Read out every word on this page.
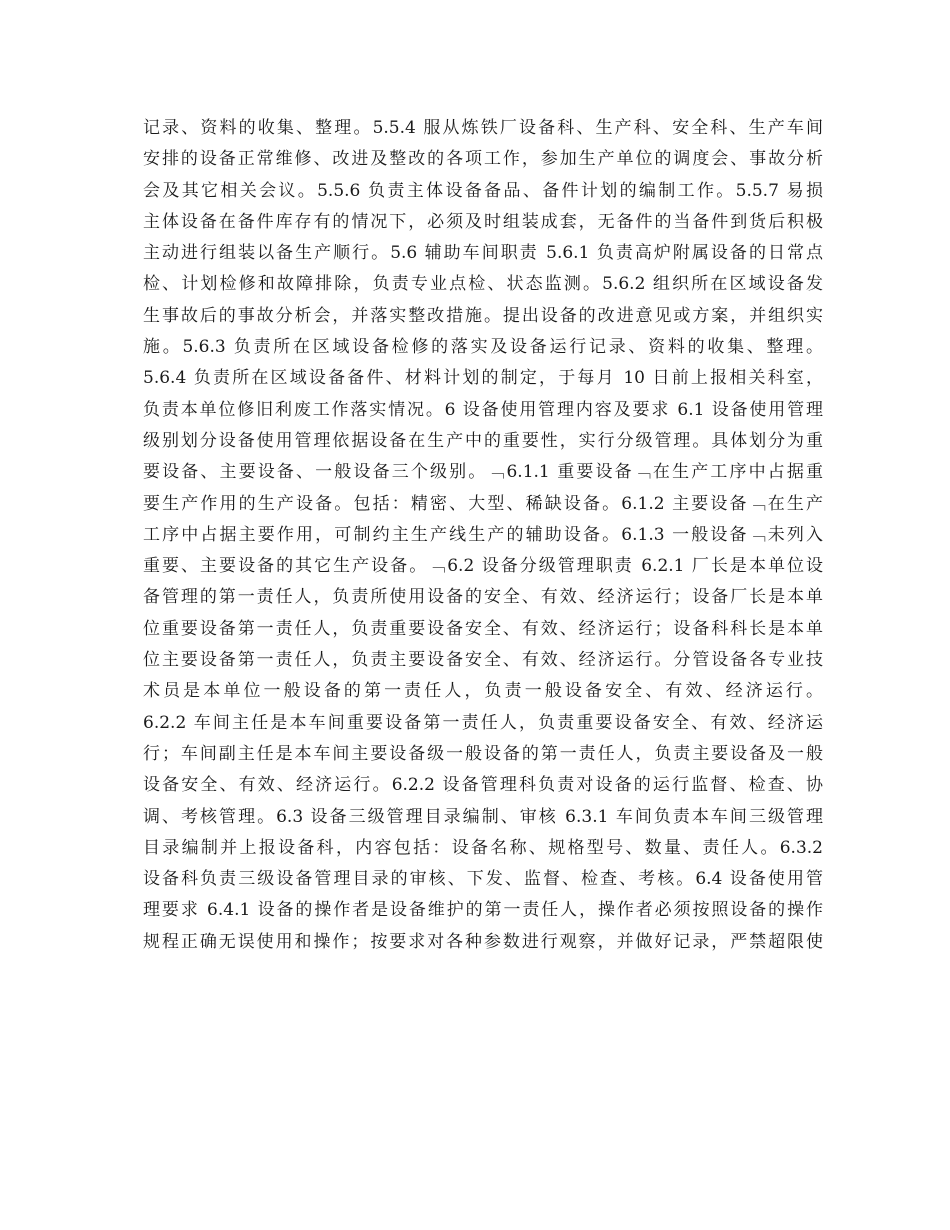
记录、资料的收集、整理。5.5.4 服从炼铁厂设备科、生产科、安全科、生产车间
安排的设备正常维修、改进及整改的各项工作，参加生产单位的调度会、事故分析
会及其它相关会议。5.5.6 负责主体设备备品、备件计划的编制工作。5.5.7 易损
主体设备在备件库存有的情况下，必须及时组装成套，无备件的当备件到货后积极
主动进行组装以备生产顺行。5.6 辅助车间职责 5.6.1 负责高炉附属设备的日常点
检、计划检修和故障排除，负责专业点检、状态监测。5.6.2 组织所在区域设备发
生事故后的事故分析会，并落实整改措施。提出设备的改进意见或方案，并组织实
施。5.6.3 负责所在区域设备检修的落实及设备运行记录、资料的收集、整理。
5.6.4 负责所在区域设备备件、材料计划的制定，于每月 10 日前上报相关科室，
负责本单位修旧利废工作落实情况。6 设备使用管理内容及要求 6.1 设备使用管理
级别划分设备使用管理依据设备在生产中的重要性，实行分级管理。具体划分为重
要设备、主要设备、一般设备三个级别。﹁6.1.1 重要设备﹁在生产工序中占据重
要生产作用的生产设备。包括：精密、大型、稀缺设备。6.1.2 主要设备﹁在生产
工序中占据主要作用，可制约主生产线生产的辅助设备。6.1.3 一般设备﹁未列入
重要、主要设备的其它生产设备。﹁6.2 设备分级管理职责 6.2.1 厂长是本单位设
备管理的第一责任人，负责所使用设备的安全、有效、经济运行；设备厂长是本单
位重要设备第一责任人，负责重要设备安全、有效、经济运行；设备科科长是本单
位主要设备第一责任人，负责主要设备安全、有效、经济运行。分管设备各专业技
术员是本单位一般设备的第一责任人，负责一般设备安全、有效、经济运行。
6.2.2 车间主任是本车间重要设备第一责任人，负责重要设备安全、有效、经济运
行；车间副主任是本车间主要设备级一般设备的第一责任人，负责主要设备及一般
设备安全、有效、经济运行。6.2.2 设备管理科负责对设备的运行监督、检查、协
调、考核管理。6.3 设备三级管理目录编制、审核 6.3.1 车间负责本车间三级管理
目录编制并上报设备科，内容包括：设备名称、规格型号、数量、责任人。6.3.2
设备科负责三级设备管理目录的审核、下发、监督、检查、考核。6.4 设备使用管
理要求 6.4.1 设备的操作者是设备维护的第一责任人，操作者必须按照设备的操作
规程正确无误使用和操作；按要求对各种参数进行观察，并做好记录，严禁超限使
